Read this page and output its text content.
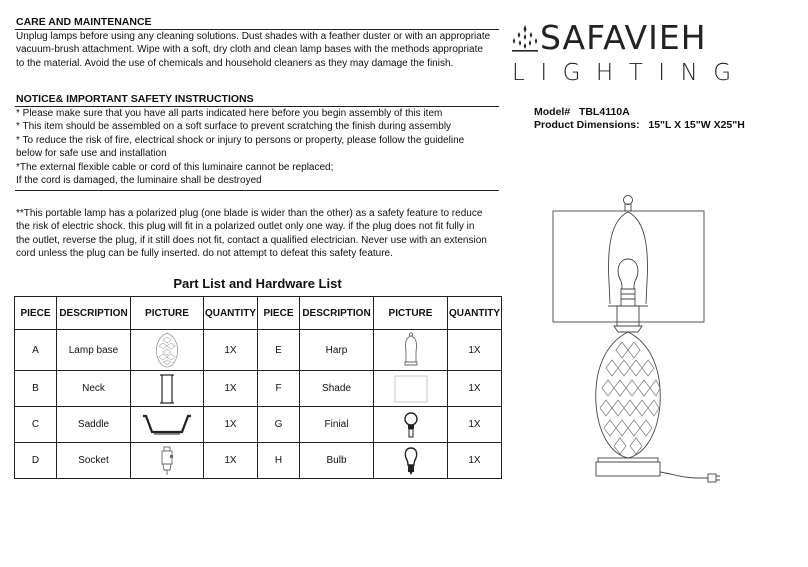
CARE AND MAINTENANCE
Unplug lamps before using any cleaning solutions. Dust shades with a feather duster or with an appropriate
vacuum-brush attachment. Wipe with a soft, dry cloth and clean lamp bases with the methods appropriate
to the material. Avoid the use of chemicals and household cleaners as they may damage the finish.
NOTICE& IMPORTANT SAFETY INSTRUCTIONS
* Please make sure that you have all parts indicated here before you begin assembly of this item
* This item should be assembled on a soft surface to prevent scratching the finish during assembly
* To reduce the risk of fire, electrical shock or injury to persons or property, please follow the guideline
below for safe use and installation
*The external flexible cable or cord of this luminaire cannot be replaced;
If the cord is damaged, the luminaire shall be destroyed
**This portable lamp has a polarized plug (one blade is wider than the other) as a safety feature to reduce
the risk of electric shock. this plug will fit in a polarized outlet only one way. if the plug does not fit fully in
the outlet, reverse the plug, if it still does not fit, contact a qualified electrician. Never use with an extension
cord unless the plug can be fully inserted. do not attempt to defeat this safety feature.
SAFAVIEH
LIGHTING
Model# TBL4110A
Product Dimensions: 15"L X 15"W X25"H
Part List and Hardware List
PIECE	DESCRIPTION	PICTURE	QUANTITY	PIECE	DESCRIPTION	PICTURE	QUANTITY
A	Lamp base		1X	E	Harp		1X
B	Neck		1X	F	Shade		1X
C	Saddle		1X	G	Finial		1X
D	Socket		1X	H	Bulb		1X
